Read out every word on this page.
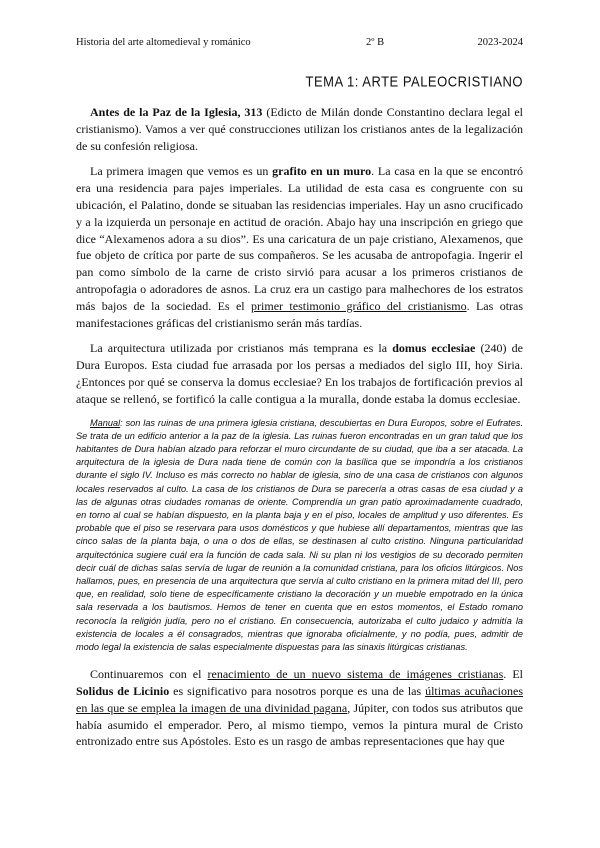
Historia del arte altomedieval y románico	2º B	2023-2024
TEMA 1: ARTE PALEOCRISTIANO

Antes de la Paz de la Iglesia, 313 (Edicto de Milán donde Constantino declara legal el cristianismo). Vamos a ver qué construcciones utilizan los cristianos antes de la legalización de su confesión religiosa.

La primera imagen que vemos es un grafito en un muro. La casa en la que se encontró era una residencia para pajes imperiales. La utilidad de esta casa es congruente con su ubicación, el Palatino, donde se situaban las residencias imperiales. Hay un asno crucificado y a la izquierda un personaje en actitud de oración. Abajo hay una inscripción en griego que dice “Alexamenos adora a su dios”. Es una caricatura de un paje cristiano, Alexamenos, que fue objeto de crítica por parte de sus compañeros. Se les acusaba de antropofagia. Ingerir el pan como símbolo de la carne de cristo sirvió para acusar a los primeros cristianos de antropofagia o adoradores de asnos. La cruz era un castigo para malhechores de los estratos más bajos de la sociedad. Es el primer testimonio gráfico del cristianismo. Las otras manifestaciones gráficas del cristianismo serán más tardías.

La arquitectura utilizada por cristianos más temprana es la domus ecclesiae (240) de Dura Europos. Esta ciudad fue arrasada por los persas a mediados del siglo III, hoy Siria. ¿Entonces por qué se conserva la domus ecclesiae? En los trabajos de fortificación previos al ataque se rellenó, se fortificó la calle contigua a la muralla, donde estaba la domus ecclesiae.

Manual: son las ruinas de una primera iglesia cristiana, descubiertas en Dura Europos, sobre el Eufrates. Se trata de un edificio anterior a la paz de la iglesia. Las ruinas fueron encontradas en un gran talud que los habitantes de Dura habían alzado para reforzar el muro circundante de su ciudad, que iba a ser atacada. La arquitectura de la iglesia de Dura nada tiene de común con la basílica que se impondría a los cristianos durante el siglo IV. Incluso es más correcto no hablar de iglesia, sino de una casa de cristianos con algunos locales reservados al culto. La casa de los cristianos de Dura se parecería a otras casas de esa ciudad y a las de algunas otras ciudades romanas de oriente. Comprendía un gran patio aproximadamente cuadrado, en torno al cual se habían dispuesto, en la planta baja y en el piso, locales de amplitud y uso diferentes. Es probable que el piso se reservara para usos domésticos y que hubiese allí departamentos, mientras que las cinco salas de la planta baja, o una o dos de ellas, se destinasen al culto cristino. Ninguna particularidad arquitectónica sugiere cuál era la función de cada sala. Ni su plan ni los vestigios de su decorado permiten decir cuál de dichas salas servía de lugar de reunión a la comunidad cristiana, para los oficios litúrgicos. Nos hallamos, pues, en presencia de una arquitectura que servía al culto cristiano en la primera mitad del III, pero que, en realidad, solo tiene de específicamente cristiano la decoración y un mueble empotrado en la única sala reservada a los bautismos. Hemos de tener en cuenta que en estos momentos, el Estado romano reconocía la religión judía, pero no el cristiano. En consecuencia, autorizaba el culto judaico y admitía la existencia de locales a él consagrados, mientras que ignoraba oficialmente, y no podía, pues, admitir de modo legal la existencia de salas especialmente dispuestas para las sinaxis litúrgicas cristianas.

Continuaremos con el renacimiento de un nuevo sistema de imágenes cristianas. El Solidus de Licinio es significativo para nosotros porque es una de las últimas acuñaciones en las que se emplea la imagen de una divinidad pagana, Júpiter, con todos sus atributos que había asumido el emperador. Pero, al mismo tiempo, vemos la pintura mural de Cristo entronizado entre sus Apóstoles. Esto es un rasgo de ambas representaciones que hay que
